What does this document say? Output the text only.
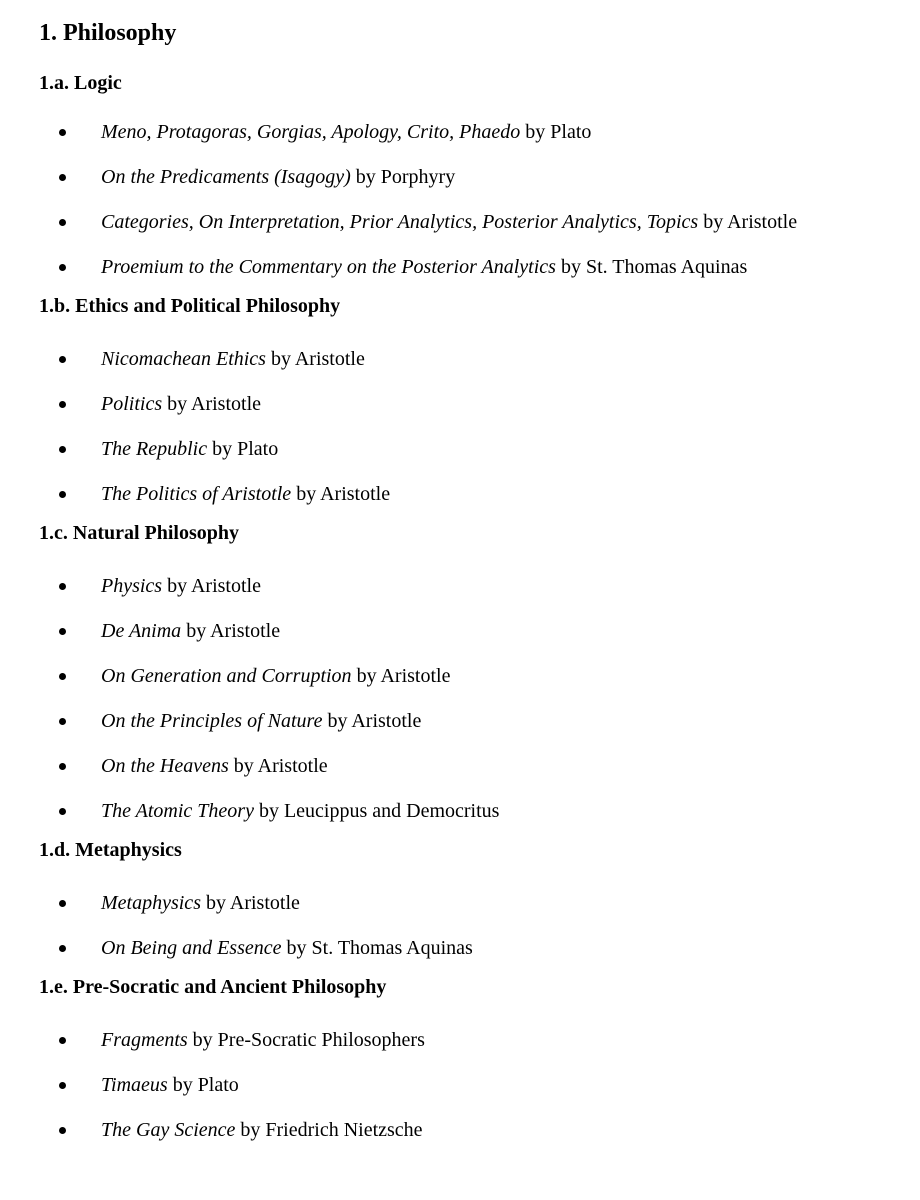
1. Philosophy
1.a. Logic
Meno, Protagoras, Gorgias, Apology, Crito, Phaedo by Plato
On the Predicaments (Isagogy) by Porphyry
Categories, On Interpretation, Prior Analytics, Posterior Analytics, Topics by Aristotle
Proemium to the Commentary on the Posterior Analytics by St. Thomas Aquinas
1.b. Ethics and Political Philosophy
Nicomachean Ethics by Aristotle
Politics by Aristotle
The Republic by Plato
The Politics of Aristotle by Aristotle
1.c. Natural Philosophy
Physics by Aristotle
De Anima by Aristotle
On Generation and Corruption by Aristotle
On the Principles of Nature by Aristotle
On the Heavens by Aristotle
The Atomic Theory by Leucippus and Democritus
1.d. Metaphysics
Metaphysics by Aristotle
On Being and Essence by St. Thomas Aquinas
1.e. Pre-Socratic and Ancient Philosophy
Fragments by Pre-Socratic Philosophers
Timaeus by Plato
The Gay Science by Friedrich Nietzsche
